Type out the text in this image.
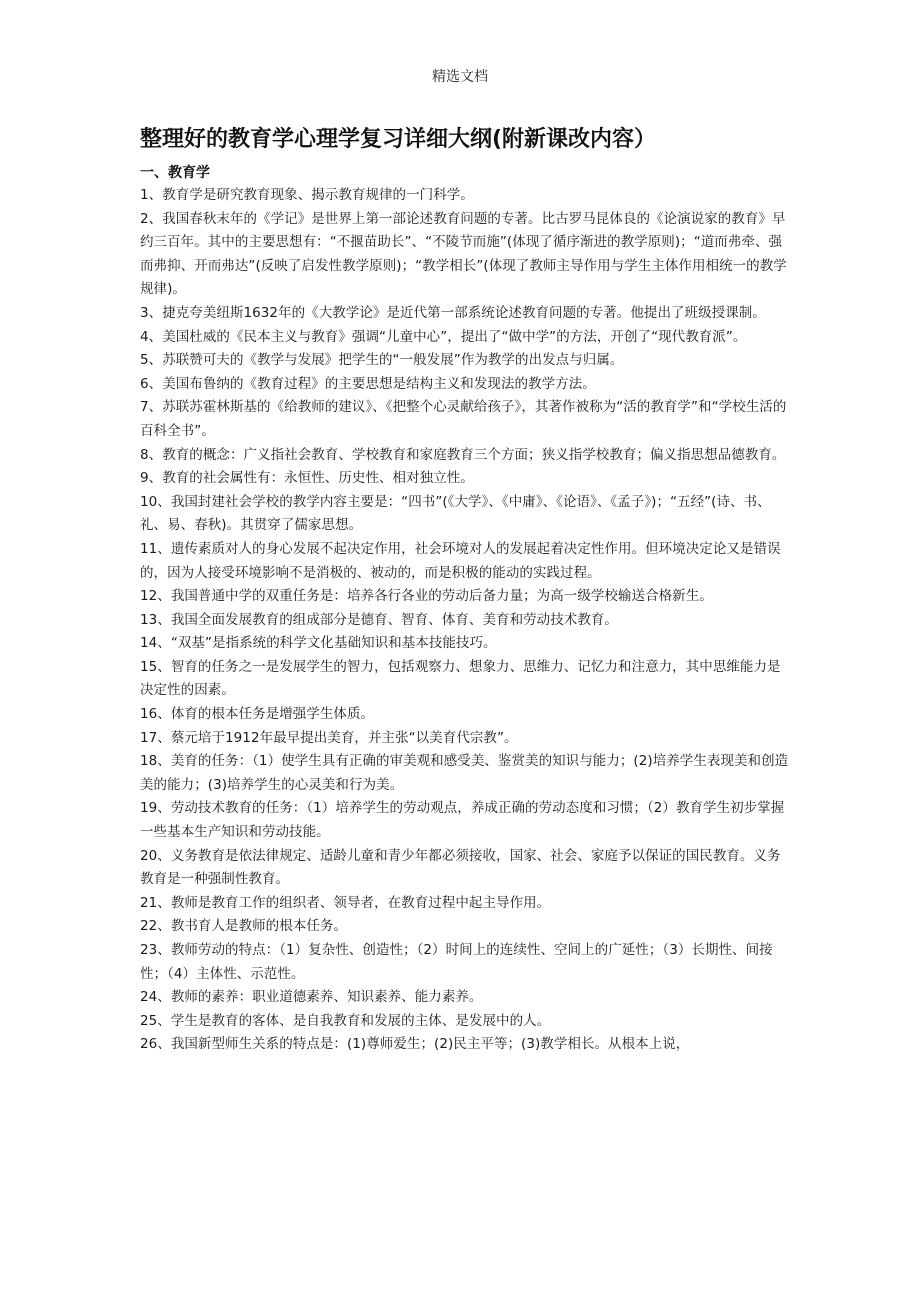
精选文档
整理好的教育学心理学复习详细大纲(附新课改内容）
一、教育学
1、教育学是研究教育现象、揭示教育规律的一门科学。
2、我国春秋末年的《学记》是世界上第一部论述教育问题的专著。比古罗马昆体良的《论演说家的教育》早约三百年。其中的主要思想有：“不揠苗助长”、“不陵节而施”(体现了循序渐进的教学原则)；“道而弗牵、强而弗抑、开而弗达”(反映了启发性教学原则)；“教学相长”(体现了教师主导作用与学生主体作用相统一的教学规律)。
3、捷克夸美纽斯1632年的《大教学论》是近代第一部系统论述教育问题的专著。他提出了班级授课制。
4、美国杜威的《民本主义与教育》强调“儿童中心”，提出了“做中学”的方法，开创了“现代教育派”。
5、苏联赞可夫的《教学与发展》把学生的“一般发展”作为教学的出发点与归属。
6、美国布鲁纳的《教育过程》的主要思想是结构主义和发现法的教学方法。
7、苏联苏霍林斯基的《给教师的建议》、《把整个心灵献给孩子》，其著作被称为“活的教育学”和“学校生活的百科全书”。
8、教育的概念：广义指社会教育、学校教育和家庭教育三个方面；狭义指学校教育；偏义指思想品德教育。
9、教育的社会属性有：永恒性、历史性、相对独立性。
10、我国封建社会学校的教学内容主要是：“四书”(《大学》、《中庸》、《论语》、《孟子》)；“五经”(诗、书、礼、易、春秋)。其贯穿了儒家思想。
11、遗传素质对人的身心发展不起决定作用，社会环境对人的发展起着决定性作用。但环境决定论又是错误的，因为人接受环境影响不是消极的、被动的，而是积极的能动的实践过程。
12、我国普通中学的双重任务是：培养各行各业的劳动后备力量；为高一级学校输送合格新生。
13、我国全面发展教育的组成部分是德育、智育、体育、美育和劳动技术教育。
14、“双基”是指系统的科学文化基础知识和基本技能技巧。
15、智育的任务之一是发展学生的智力，包括观察力、想象力、思维力、记忆力和注意力，其中思维能力是决定性的因素。
16、体育的根本任务是增强学生体质。
17、蔡元培于1912年最早提出美育，并主张“以美育代宗教”。
18、美育的任务：（1）使学生具有正确的审美观和感受美、鉴赏美的知识与能力；(2)培养学生表现美和创造美的能力；(3)培养学生的心灵美和行为美。
19、劳动技术教育的任务：（1）培养学生的劳动观点，养成正确的劳动态度和习惯；（2）教育学生初步掌握一些基本生产知识和劳动技能。
20、义务教育是依法律规定、适龄儿童和青少年都必须接收，国家、社会、家庭予以保证的国民教育。义务教育是一种强制性教育。
21、教师是教育工作的组织者、领导者，在教育过程中起主导作用。
22、教书育人是教师的根本任务。
23、教师劳动的特点：（1）复杂性、创造性；（2）时间上的连续性、空间上的广延性；（3）长期性、间接性；（4）主体性、示范性。
24、教师的素养：职业道德素养、知识素养、能力素养。
25、学生是教育的客体、是自我教育和发展的主体、是发展中的人。
26、我国新型师生关系的特点是：(1)尊师爱生；(2)民主平等；(3)教学相长。从根本上说，
